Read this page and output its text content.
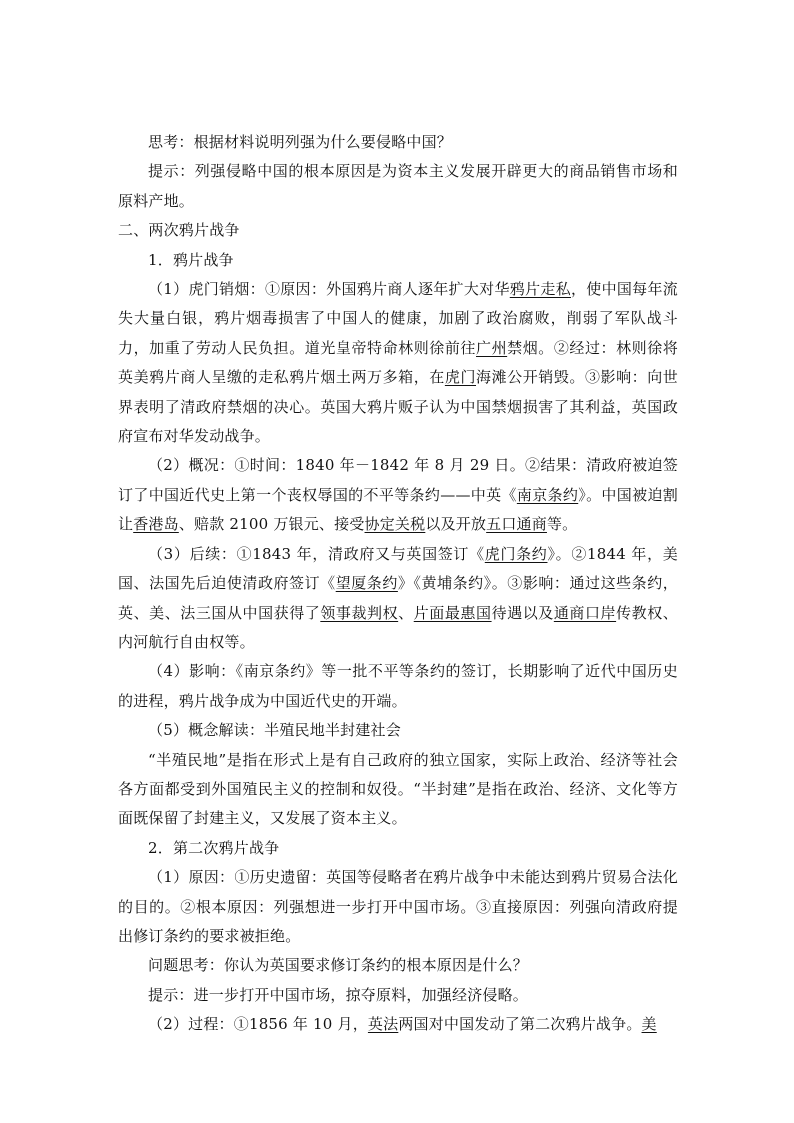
思考：根据材料说明列强为什么要侵略中国？

提示：列强侵略中国的根本原因是为资本主义发展开辟更大的商品销售市场和原料产地。

二、两次鸦片战争

1．鸦片战争

（1）虎门销烟：①原因：外国鸦片商人逐年扩大对华鸦片走私，使中国每年流失大量白银，鸦片烟毒损害了中国人的健康，加剧了政治腐败，削弱了军队战斗力，加重了劳动人民负担。道光皇帝特命林则徐前往广州禁烟。②经过：林则徐将英美鸦片商人呈缴的走私鸦片烟土两万多箱，在虎门海滩公开销毁。③影响：向世界表明了清政府禁烟的决心。英国大鸦片贩子认为中国禁烟损害了其利益，英国政府宣布对华发动战争。

（2）概况：①时间：1840 年－1842 年 8 月 29 日。②结果：清政府被迫签订了中国近代史上第一个丧权辱国的不平等条约——中英《南京条约》。中国被迫割让香港岛、赔款 2100 万银元、接受协定关税以及开放五口通商等。

（3）后续：①1843 年，清政府又与英国签订《虎门条约》。②1844 年，美国、法国先后迫使清政府签订《望厦条约》《黄埔条约》。③影响：通过这些条约，英、美、法三国从中国获得了领事裁判权、片面最惠国待遇以及通商口岸传教权、内河航行自由权等。

（4）影响：《南京条约》等一批不平等条约的签订，长期影响了近代中国历史的进程，鸦片战争成为中国近代史的开端。

（5）概念解读：半殖民地半封建社会

“半殖民地”是指在形式上是有自己政府的独立国家，实际上政治、经济等社会各方面都受到外国殖民主义的控制和奴役。“半封建”是指在政治、经济、文化等方面既保留了封建主义，又发展了资本主义。

2．第二次鸦片战争

（1）原因：①历史遗留：英国等侵略者在鸦片战争中未能达到鸦片贸易合法化的目的。②根本原因：列强想进一步打开中国市场。③直接原因：列强向清政府提出修订条约的要求被拒绝。

问题思考：你认为英国要求修订条约的根本原因是什么？

提示：进一步打开中国市场，掠夺原料，加强经济侵略。

（2）过程：①1856 年 10 月，英法两国对中国发动了第二次鸦片战争。美
